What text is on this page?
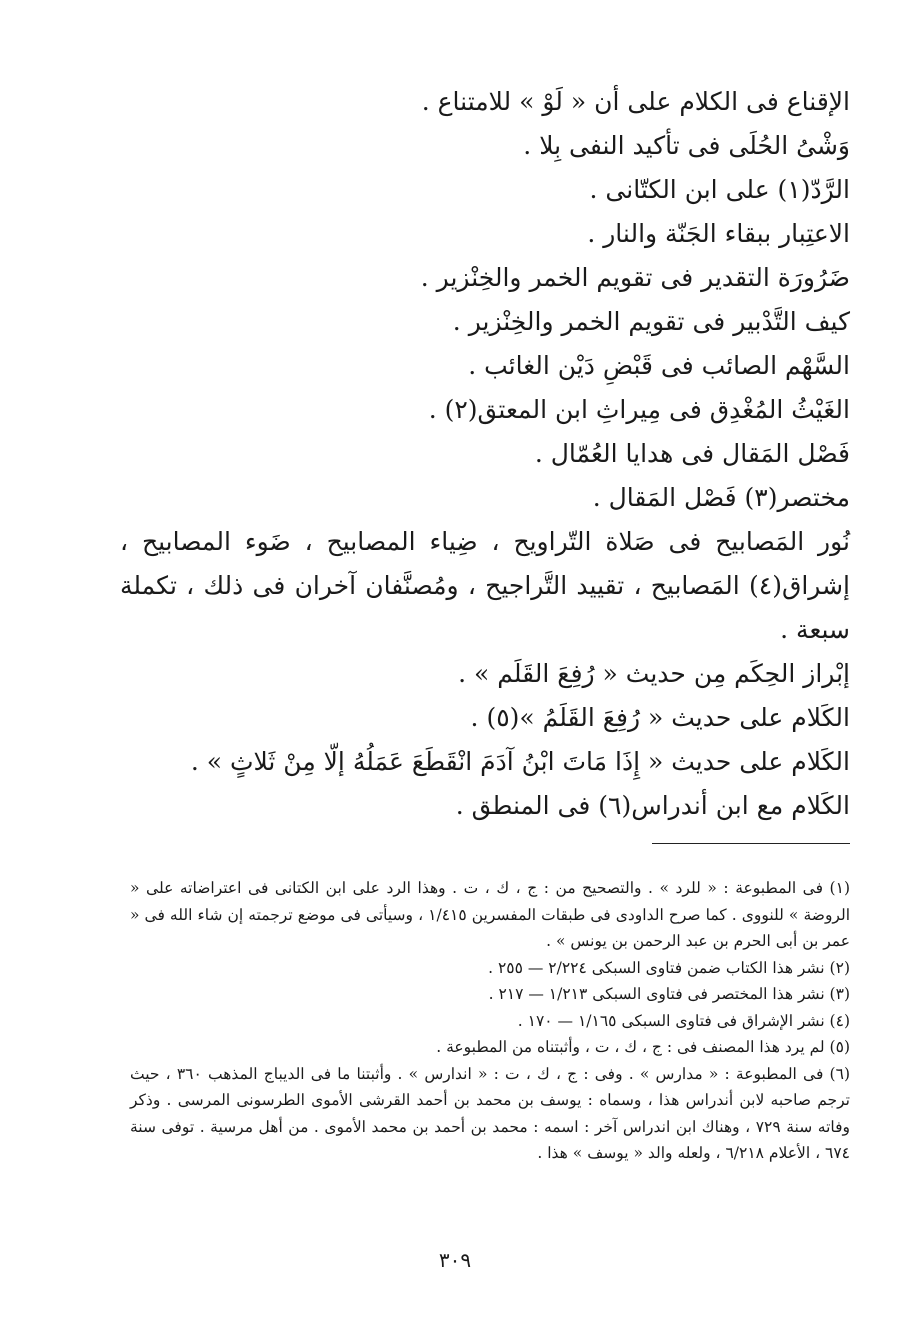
الإقناع فى الكلام على أن « لَوْ » للامتناع .
وَشْىُ الحُلَى فى تأكيد النفى بِلا .
الرَّدّ(١) على ابن الكتّانى .
الاعتِبار ببقاء الجَنّة والنار .
ضَرُورَة التقدير فى تقويم الخمر والخِنْزير .
كيف التَّدْبير فى تقويم الخمر والخِنْزير .
السَّهْم الصائب فى قَبْضِ دَيْن الغائب .
الغَيْثُ المُغْدِق فى مِيراثِ ابن المعتق(٢) .
فَصْل المَقال فى هدايا العُمّال .
مختصر(٣) فَصْل المَقال .
نُور المَصابيح فى صَلاة التّراويح ، ضِياء المصابيح ، ضَوء المصابيح ، إشراق(٤) المَصابيح ، تقييد التَّراجيح ، ومُصنَّفان آخران فى ذلك ، تكملة سبعة .
إبْراز الحِكَم مِن حديث « رُفِعَ القَلَم » .
الكَلام على حديث « رُفِعَ القَلَمُ »(٥) .
الكَلام على حديث « إِذَا مَاتَ ابْنُ آدَمَ انْقَطَعَ عَمَلُهُ إلّا مِنْ ثَلاثٍ » .
الكَلام مع ابن أندراس(٦) فى المنطق .

(١) فى المطبوعة : « للرد » . والتصحيح من : ج ، ك ، ت . وهذا الرد على ابن الكتانى فى اعتراضاته على « الروضة » للنووى . كما صرح الداودى فى طبقات المفسرين ١/٤١٥ ، وسيأتى فى موضع ترجمته إن شاء الله فى « عمر بن أبى الحرم بن عبد الرحمن بن يونس » .

(٢) نشر هذا الكتاب ضمن فتاوى السبكى ٢/٢٢٤ — ٢٥٥ .

(٣) نشر هذا المختصر فى فتاوى السبكى ١/٢١٣ — ٢١٧ .

(٤) نشر الإشراق فى فتاوى السبكى ١/١٦٥ — ١٧٠ .

(٥) لم يرد هذا المصنف فى : ج ، ك ، ت ، وأثبتناه من المطبوعة .

(٦) فى المطبوعة : « مدارس » . وفى : ج ، ك ، ت : « اندارس » . وأثبتنا ما فى الديباج المذهب ٣٦٠ ، حيث ترجم صاحبه لابن أندراس هذا ، وسماه : يوسف بن محمد بن أحمد القرشى الأموى الطرسونى المرسى . وذكر وفاته سنة ٧٢٩ ، وهناك ابن اندراس آخر : اسمه : محمد بن أحمد بن محمد الأموى . من أهل مرسية . توفى سنة ٦٧٤ ، الأعلام ٦/٢١٨ ، ولعله والد « يوسف » هذا .

٣٠٩
